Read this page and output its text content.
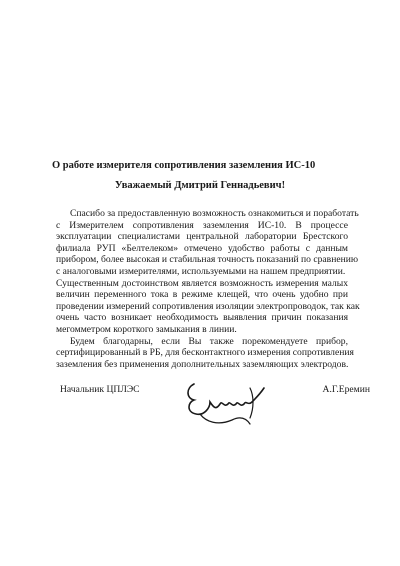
О работе измерителя сопротивления заземления ИС-10
Уважаемый Дмитрий Геннадьевич!

Спасибо за предоставленную возможность ознакомиться и поработать
с Измерителем сопротивления заземления ИС-10. В процессе
эксплуатации специалистами центральной лаборатории Брестского
филиала РУП «Белтелеком» отмечено удобство работы с данным
прибором, более высокая и стабильная точность показаний по сравнению
с аналоговыми измерителями, используемыми на нашем предприятии.

Существенным достоинством является возможность измерения малых
величин переменного тока в режиме клещей, что очень удобно при
проведении измерений сопротивления изоляции электропроводок, так как
очень часто возникает необходимость выявления причин показания
мегомметром короткого замыкания в линии.

Будем благодарны, если Вы также порекомендуете прибор,
сертифицированный в РБ, для бесконтактного измерения сопротивления
заземления без применения дополнительных заземляющих электродов.

Начальник ЦПЛЭС	А.Г.Еремин
